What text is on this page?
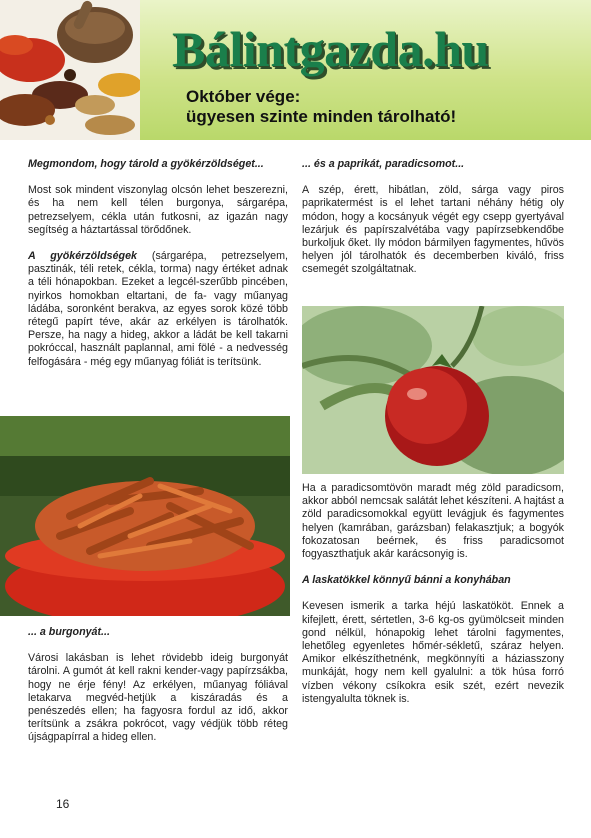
Bálintgazda.hu
Október vége:
ügyesen szinte minden tárolható!
Megmondom, hogy tárold a gyökérzöldséget...

Most sok mindent viszonylag olcsón lehet beszerezni, és ha nem kell télen burgonya, sárgarépa, petrezselyem, cékla után futkosni, az igazán nagy segítség a háztartással törődőnek.

A gyökérzöldségek (sárgarépa, petrezselyem, pasztinák, téli retek, cékla, torma) nagy értéket adnak a téli hónapokban. Ezeket a legcél-szerűbb pincében, nyirkos homokban eltartani, de fa- vagy műanyag ládába, soronként berakva, az egyes sorok közé több rétegű papírt téve, akár az erkélyen is tárolhatók. Persze, ha nagy a hideg, akkor a ládát be kell takarni pokróccal, használt paplannal, ami fölé - a nedvesség felfogására - még egy műanyag fóliát is terítsünk.

... a burgonyát...

Városi lakásban is lehet rövidebb ideig burgonyát tárolni. A gumót át kell rakni kender-vagy papírzsákba, hogy ne érje fény! Az erkélyen, műanyag fóliával letakarva megvéd-hetjük a kiszáradás és a penészedés ellen; ha fagyosra fordul az idő, akkor terítsünk a zsákra pokrócot, vagy védjük több réteg újságpapírral a hideg ellen.

... és a paprikát, paradicsomot...

A szép, érett, hibátlan, zöld, sárga vagy piros paprikatermést is el lehet tartani néhány hétig oly módon, hogy a kocsányuk végét egy csepp gyertyával lezárjuk és papírszalvétába vagy papírzsebkendőbe burkoljuk őket. Ily módon bármilyen fagymentes, hűvös helyen jól tárolhatók és decemberben kiváló, friss csemegét szolgáltatnak.

Ha a paradicsomtövön maradt még zöld paradicsom, akkor abból nemcsak salátát lehet készíteni. A hajtást a zöld paradicsomokkal együtt levágjuk és fagymentes helyen (kamrában, garázsban) felakasztjuk; a bogyók fokozatosan beérnek, és friss paradicsomot fogyaszthatjuk akár karácsonyig is.

A laskatökkel könnyű bánni a konyhában

Kevesen ismerik a tarka héjú laskatököt. Ennek a kifejlett, érett, sértetlen, 3-6 kg-os gyümölcseit minden gond nélkül, hónapokig lehet tárolni fagymentes, lehetőleg egyenletes hőmér-sékletű, száraz helyen. Amikor elkészíthetnénk, megkönnyíti a háziasszony munkáját, hogy nem kell gyalulni: a tök húsa forró vízben vékony csíkokra esik szét, ezért nevezik istengyalulta töknek is.

16
